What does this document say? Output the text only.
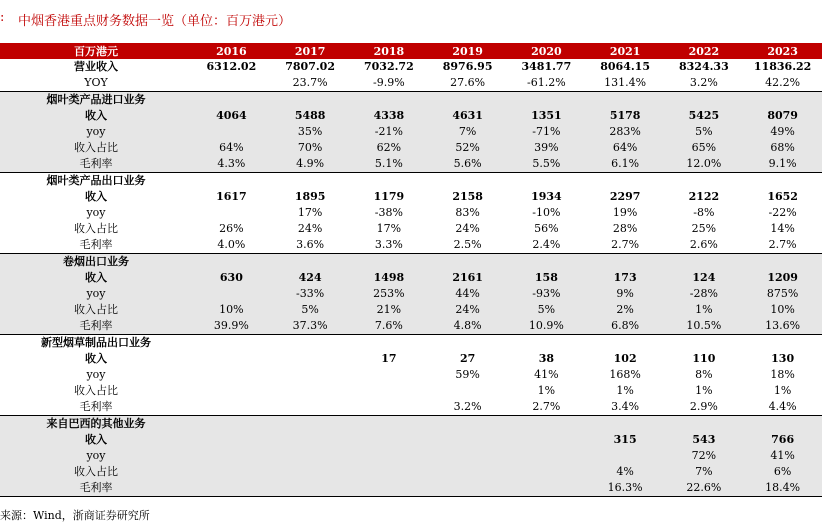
: 中烟香港重点财务数据一览（单位：百万港元）
百万港元	2016	2017	2018	2019	2020	2021	2022	2023
营业收入	6312.02	7807.02	7032.72	8976.95	3481.77	8064.15	8324.33	11836.22
YOY		23.7%	-9.9%	27.6%	-61.2%	131.4%	3.2%	42.2%
烟叶类产品进口业务								
收入	4064	5488	4338	4631	1351	5178	5425	8079
yoy		35%	-21%	7%	-71%	283%	5%	49%
收入占比	64%	70%	62%	52%	39%	64%	65%	68%
毛利率	4.3%	4.9%	5.1%	5.6%	5.5%	6.1%	12.0%	9.1%
烟叶类产品出口业务								
收入	1617	1895	1179	2158	1934	2297	2122	1652
yoy		17%	-38%	83%	-10%	19%	-8%	-22%
收入占比	26%	24%	17%	24%	56%	28%	25%	14%
毛利率	4.0%	3.6%	3.3%	2.5%	2.4%	2.7%	2.6%	2.7%
卷烟出口业务								
收入	630	424	1498	2161	158	173	124	1209
yoy		-33%	253%	44%	-93%	9%	-28%	875%
收入占比	10%	5%	21%	24%	5%	2%	1%	10%
毛利率	39.9%	37.3%	7.6%	4.8%	10.9%	6.8%	10.5%	13.6%
新型烟草制品出口业务								
收入			17	27	38	102	110	130
yoy				59%	41%	168%	8%	18%
收入占比					1%	1%	1%	1%
毛利率				3.2%	2.7%	3.4%	2.9%	4.4%
来自巴西的其他业务								
收入						315	543	766
yoy							72%	41%
收入占比						4%	7%	6%
毛利率						16.3%	22.6%	18.4%
来源：Wind，浙商证券研究所
